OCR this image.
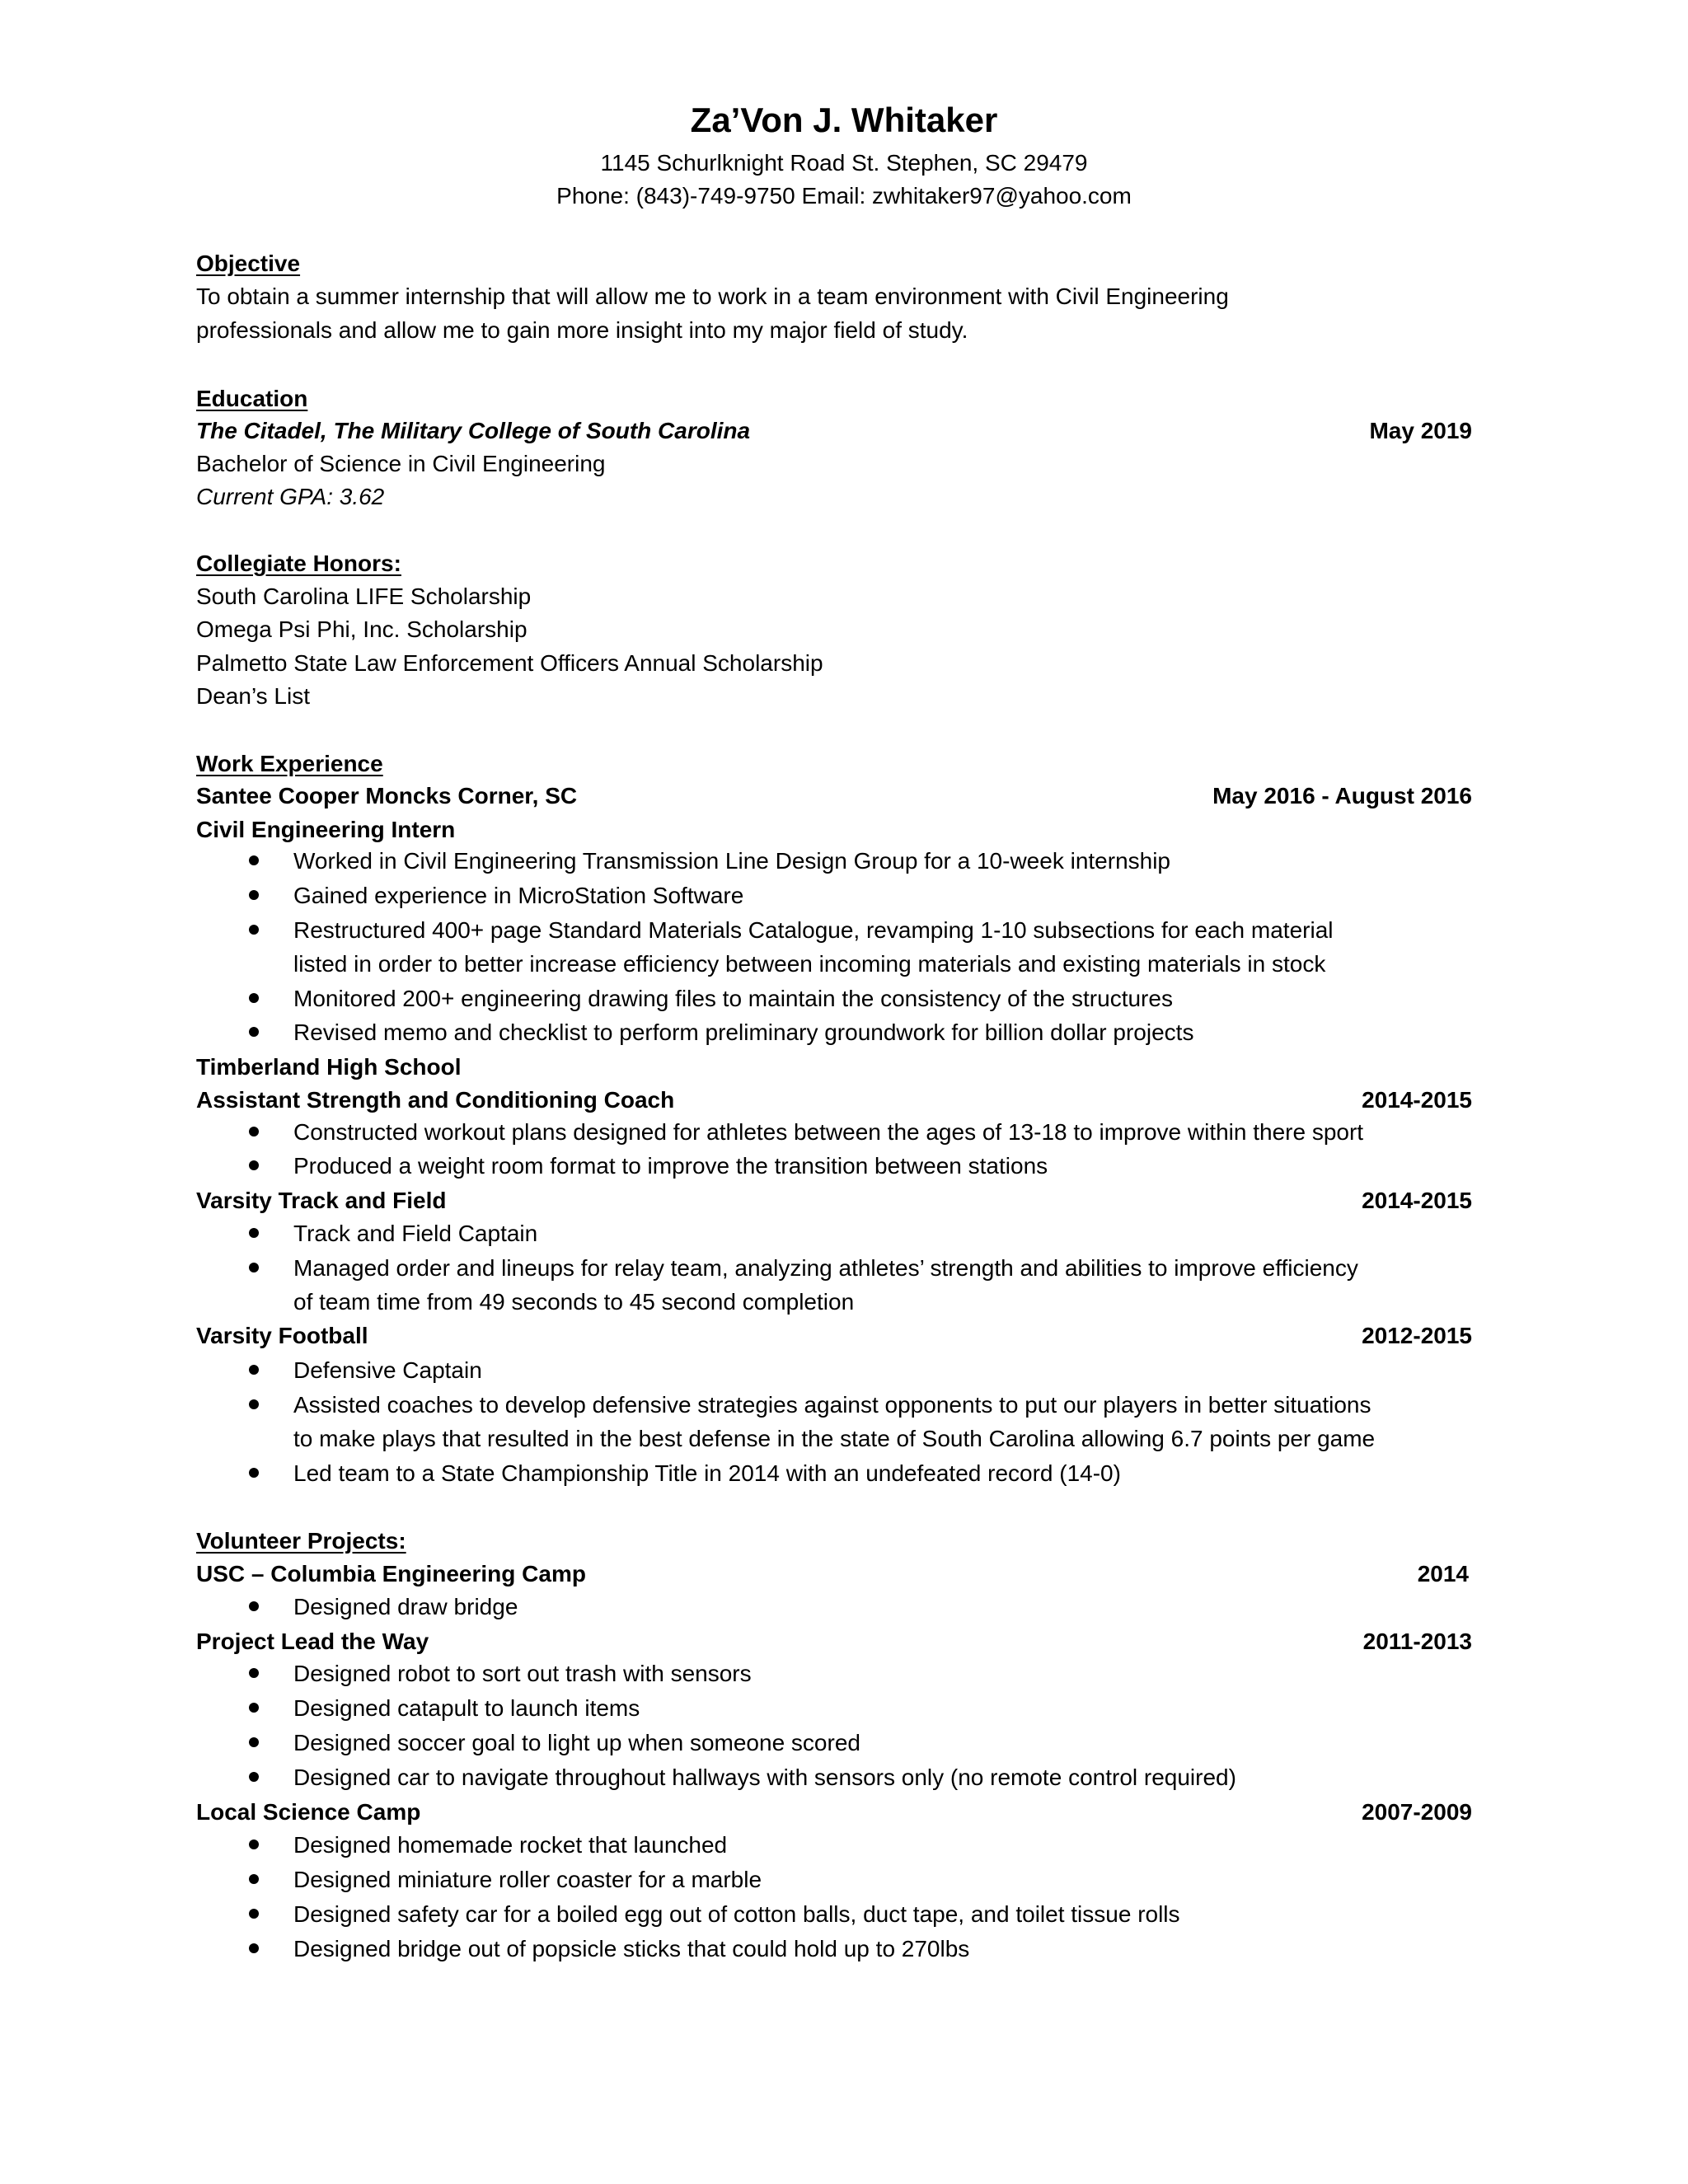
Za’Von J. Whitaker
1145 Schurlknight Road St. Stephen, SC 29479
Phone: (843)-749-9750 Email: zwhitaker97@yahoo.com
Objective
To obtain a summer internship that will allow me to work in a team environment with Civil Engineering
professionals and allow me to gain more insight into my major field of study.
Education
The Citadel, The Military College of South Carolina	May 2019
Bachelor of Science in Civil Engineering
Current GPA: 3.62
Collegiate Honors:
South Carolina LIFE Scholarship
Omega Psi Phi, Inc. Scholarship
Palmetto State Law Enforcement Officers Annual Scholarship
Dean’s List
Work Experience
Santee Cooper Moncks Corner, SC	May 2016 - August 2016
Civil Engineering Intern
Worked in Civil Engineering Transmission Line Design Group for a 10-week internship
Gained experience in MicroStation Software
Restructured 400+ page Standard Materials Catalogue, revamping 1-10 subsections for each material
listed in order to better increase efficiency between incoming materials and existing materials in stock
Monitored 200+ engineering drawing files to maintain the consistency of the structures
Revised memo and checklist to perform preliminary groundwork for billion dollar projects
Timberland High School
Assistant Strength and Conditioning Coach	2014-2015
Constructed workout plans designed for athletes between the ages of 13-18 to improve within there sport
Produced a weight room format to improve the transition between stations
Varsity Track and Field	2014-2015
Track and Field Captain
Managed order and lineups for relay team, analyzing athletes’ strength and abilities to improve efficiency
of team time from 49 seconds to 45 second completion
Varsity Football	2012-2015
Defensive Captain
Assisted coaches to develop defensive strategies against opponents to put our players in better situations
to make plays that resulted in the best defense in the state of South Carolina allowing 6.7 points per game
Led team to a State Championship Title in 2014 with an undefeated record (14-0)
Volunteer Projects:
USC – Columbia Engineering Camp	2014
Designed draw bridge
Project Lead the Way	2011-2013
Designed robot to sort out trash with sensors
Designed catapult to launch items
Designed soccer goal to light up when someone scored
Designed car to navigate throughout hallways with sensors only (no remote control required)
Local Science Camp	2007-2009
Designed homemade rocket that launched
Designed miniature roller coaster for a marble
Designed safety car for a boiled egg out of cotton balls, duct tape, and toilet tissue rolls
Designed bridge out of popsicle sticks that could hold up to 270lbs
